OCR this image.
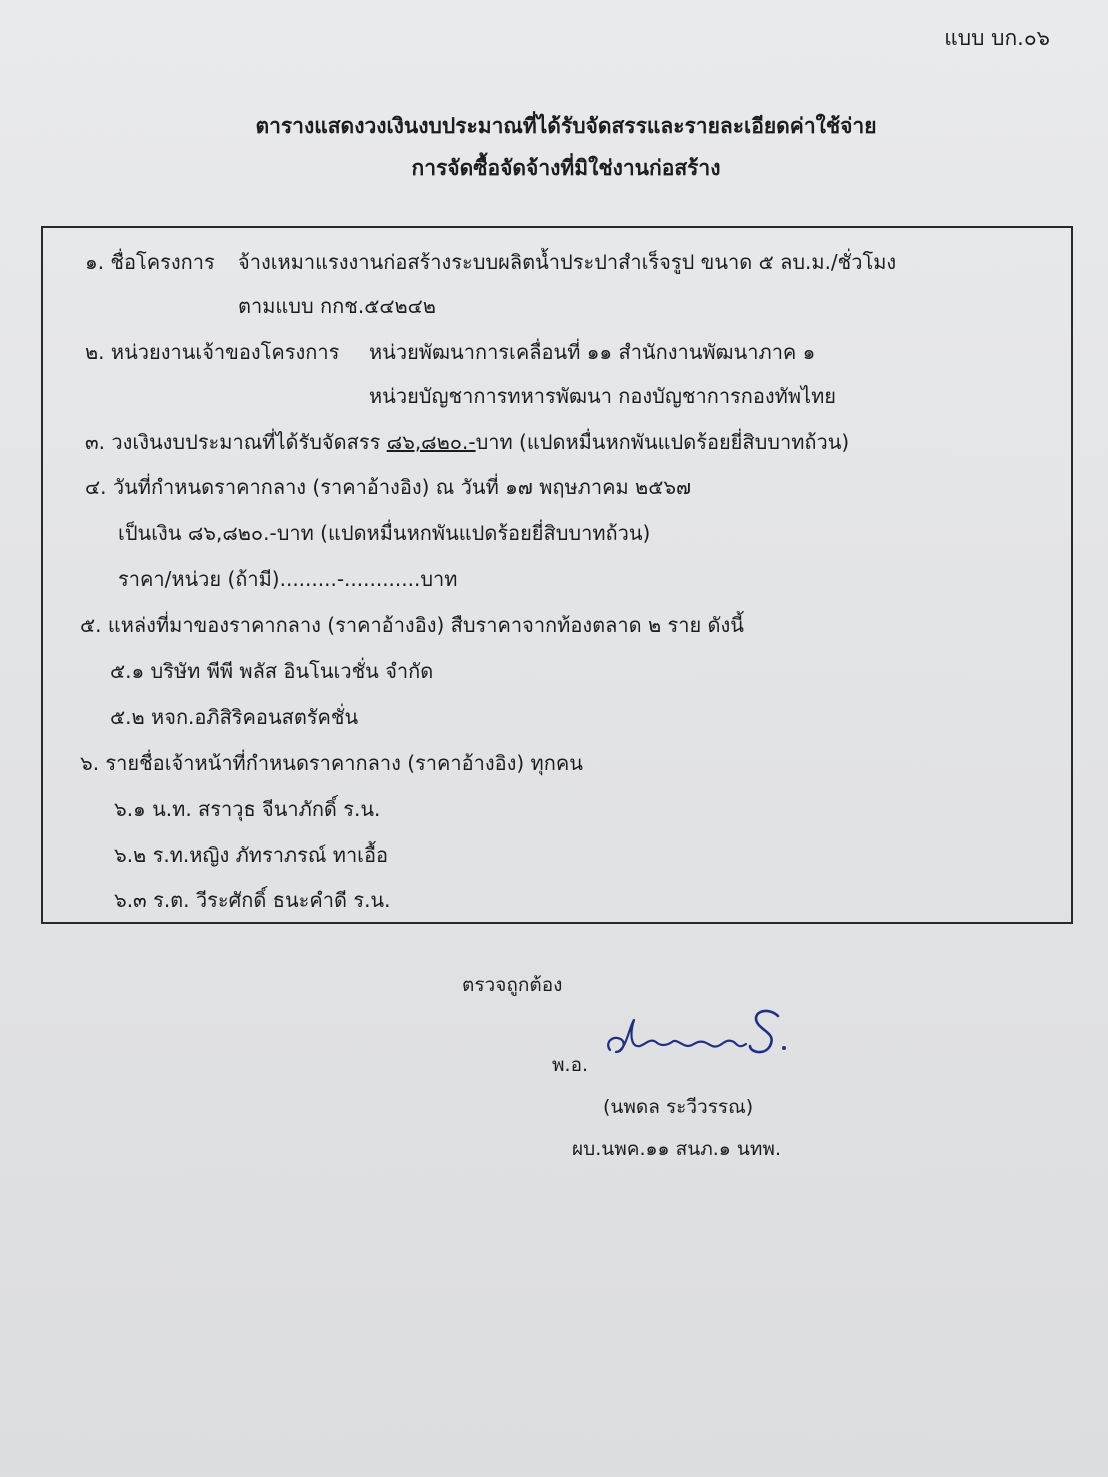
แบบ บก.๐๖
ตารางแสดงวงเงินงบประมาณที่ได้รับจัดสรรและรายละเอียดค่าใช้จ่าย
การจัดซื้อจัดจ้างที่มิใช่งานก่อสร้าง
๑. ชื่อโครงการ จ้างเหมาแรงงานก่อสร้างระบบผลิตน้ำประปาสำเร็จรูป ขนาด ๕ ลบ.ม./ชั่วโมง
ตามแบบ กกช.๕๔๒๔๒
๒. หน่วยงานเจ้าของโครงการ หน่วยพัฒนาการเคลื่อนที่ ๑๑ สำนักงานพัฒนาภาค ๑
หน่วยบัญชาการทหารพัฒนา กองบัญชาการกองทัพไทย
๓. วงเงินงบประมาณที่ได้รับจัดสรร ๘๖,๘๒๐.-บาท (แปดหมื่นหกพันแปดร้อยยี่สิบบาทถ้วน)
๔. วันที่กำหนดราคากลาง (ราคาอ้างอิง) ณ วันที่ ๑๗ พฤษภาคม ๒๕๖๗
เป็นเงิน ๘๖,๘๒๐.-บาท (แปดหมื่นหกพันแปดร้อยยี่สิบบาทถ้วน)
ราคา/หน่วย (ถ้ามี).........-............บาท
๕. แหล่งที่มาของราคากลาง (ราคาอ้างอิง) สืบราคาจากท้องตลาด ๒ ราย ดังนี้
๕.๑ บริษัท พีพี พลัส อินโนเวชั่น จำกัด
๕.๒ หจก.อภิสิริคอนสตรัคชั่น
๖. รายชื่อเจ้าหน้าที่กำหนดราคากลาง (ราคาอ้างอิง) ทุกคน
๖.๑ น.ท. สราวุธ จีนาภักดิ์ ร.น.
๖.๒ ร.ท.หญิง ภัทราภรณ์ ทาเอื้อ
๖.๓ ร.ต. วีระศักดิ์ ธนะคำดี ร.น.
ตรวจถูกต้อง
พ.อ.
(นพดล ระวีวรรณ)
ผบ.นพค.๑๑ สนภ.๑ นทพ.
